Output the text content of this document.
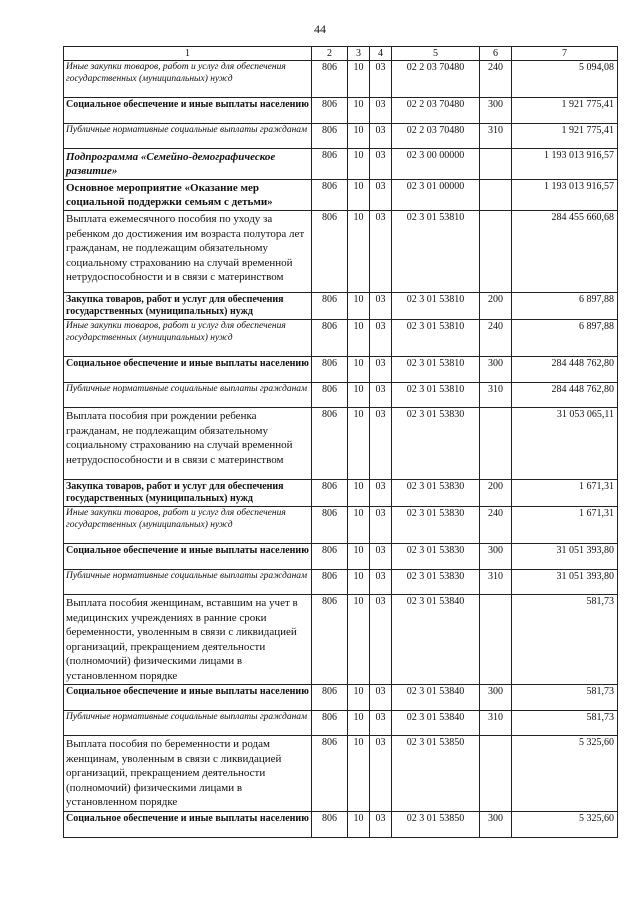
44
1	2	3	4	5	6	7
Иные закупки товаров, работ и услуг для обеспечения государственных (муниципальных) нужд	806	10	03	02 2 03 70480	240	5 094,08
Социальное обеспечение и иные выплаты населению	806	10	03	02 2 03 70480	300	1 921 775,41
Публичные нормативные социальные выплаты гражданам	806	10	03	02 2 03 70480	310	1 921 775,41
Подпрограмма «Семейно-демографическое развитие»	806	10	03	02 3 00 00000		1 193 013 916,57
Основное мероприятие «Оказание мер социальной поддержки семьям с детьми»	806	10	03	02 3 01 00000		1 193 013 916,57
Выплата ежемесячного пособия по уходу за ребенком до достижения им возраста полутора лет гражданам, не подлежащим обязательному социальному страхованию на случай временной нетрудоспособности и в связи с материнством	806	10	03	02 3 01 53810		284 455 660,68
Закупка товаров, работ и услуг для обеспечения государственных (муниципальных) нужд	806	10	03	02 3 01 53810	200	6 897,88
Иные закупки товаров, работ и услуг для обеспечения государственных (муниципальных) нужд	806	10	03	02 3 01 53810	240	6 897,88
Социальное обеспечение и иные выплаты населению	806	10	03	02 3 01 53810	300	284 448 762,80
Публичные нормативные социальные выплаты гражданам	806	10	03	02 3 01 53810	310	284 448 762,80
Выплата пособия при рождении ребенка гражданам, не подлежащим обязательному социальному страхованию на случай временной нетрудоспособности и в связи с материнством	806	10	03	02 3 01 53830		31 053 065,11
Закупка товаров, работ и услуг для обеспечения государственных (муниципальных) нужд	806	10	03	02 3 01 53830	200	1 671,31
Иные закупки товаров, работ и услуг для обеспечения государственных (муниципальных) нужд	806	10	03	02 3 01 53830	240	1 671,31
Социальное обеспечение и иные выплаты населению	806	10	03	02 3 01 53830	300	31 051 393,80
Публичные нормативные социальные выплаты гражданам	806	10	03	02 3 01 53830	310	31 051 393,80
Выплата пособия женщинам, вставшим на учет в медицинских учреждениях в ранние сроки беременности, уволенным в связи с ликвидацией организаций, прекращением деятельности (полномочий) физическими лицами в установленном порядке	806	10	03	02 3 01 53840		581,73
Социальное обеспечение и иные выплаты населению	806	10	03	02 3 01 53840	300	581,73
Публичные нормативные социальные выплаты гражданам	806	10	03	02 3 01 53840	310	581,73
Выплата пособия по беременности и родам женщинам, уволенным в связи с ликвидацией организаций, прекращением деятельности (полномочий) физическими лицами в установленном порядке	806	10	03	02 3 01 53850		5 325,60
Социальное обеспечение и иные выплаты населению	806	10	03	02 3 01 53850	300	5 325,60
